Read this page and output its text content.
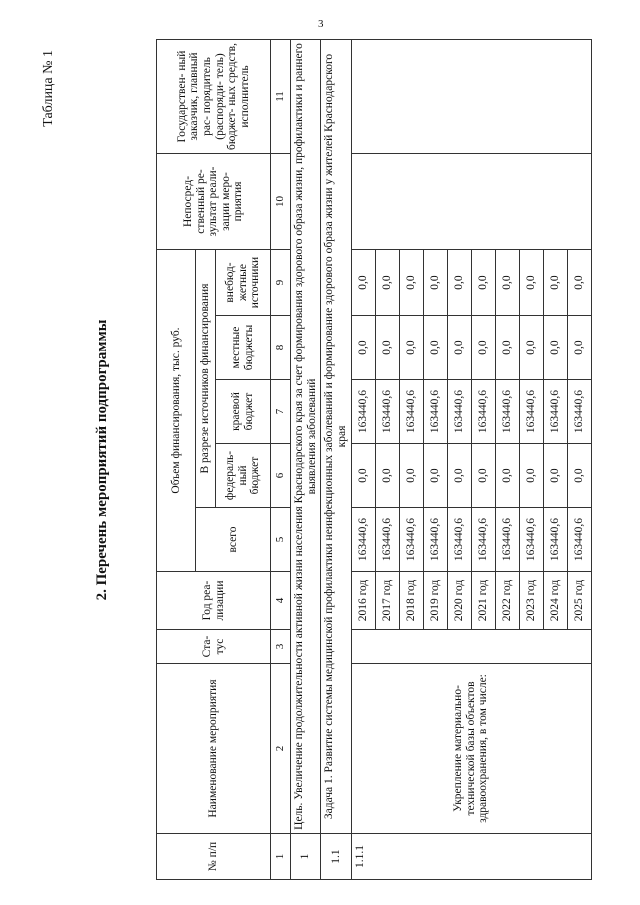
3
Таблица № 1
2. Перечень мероприятий подпрограммы
№ п/п	Наименование мероприятия	Ста- тус	Год реа- лизации	Объем финансирования, тыс. руб.					Непосред- ственный ре- зультат реали- зации меро- приятия	Государствен- ный заказчик, главный рас- порядитель (распоряди- тель) бюджет- ных средств, исполнитель
				всего	В разрезе источников финансирования					
					федераль- ный бюджет	краевой бюджет	местные бюджеты	внебюд- жетные источники		
1	2	3	4	5	6	7	8	9	10	11
1	Цель. Увеличение продолжительности активной жизни населения Краснодарского края за счет формирования здорового образа жизни, профилактики и раннего выявления заболеваний									
1.1	Задача 1. Развитие системы медицинской профилактики неинфекционных заболеваний и формирование здорового образа жизни у жителей Краснодарского края									
1.1.1	Укрепление материально-технической базы объектов здравоохранения, в том числе:		2016 год	163440,6	0,0	163440,6	0,0	0,0		
			2017 год	163440,6	0,0	163440,6	0,0	0,0		
			2018 год	163440,6	0,0	163440,6	0,0	0,0		
			2019 год	163440,6	0,0	163440,6	0,0	0,0		
			2020 год	163440,6	0,0	163440,6	0,0	0,0		
			2021 год	163440,6	0,0	163440,6	0,0	0,0		
			2022 год	163440,6	0,0	163440,6	0,0	0,0		
			2023 год	163440,6	0,0	163440,6	0,0	0,0		
			2024 год	163440,6	0,0	163440,6	0,0	0,0		
			2025 год	163440,6	0,0	163440,6	0,0	0,0		
